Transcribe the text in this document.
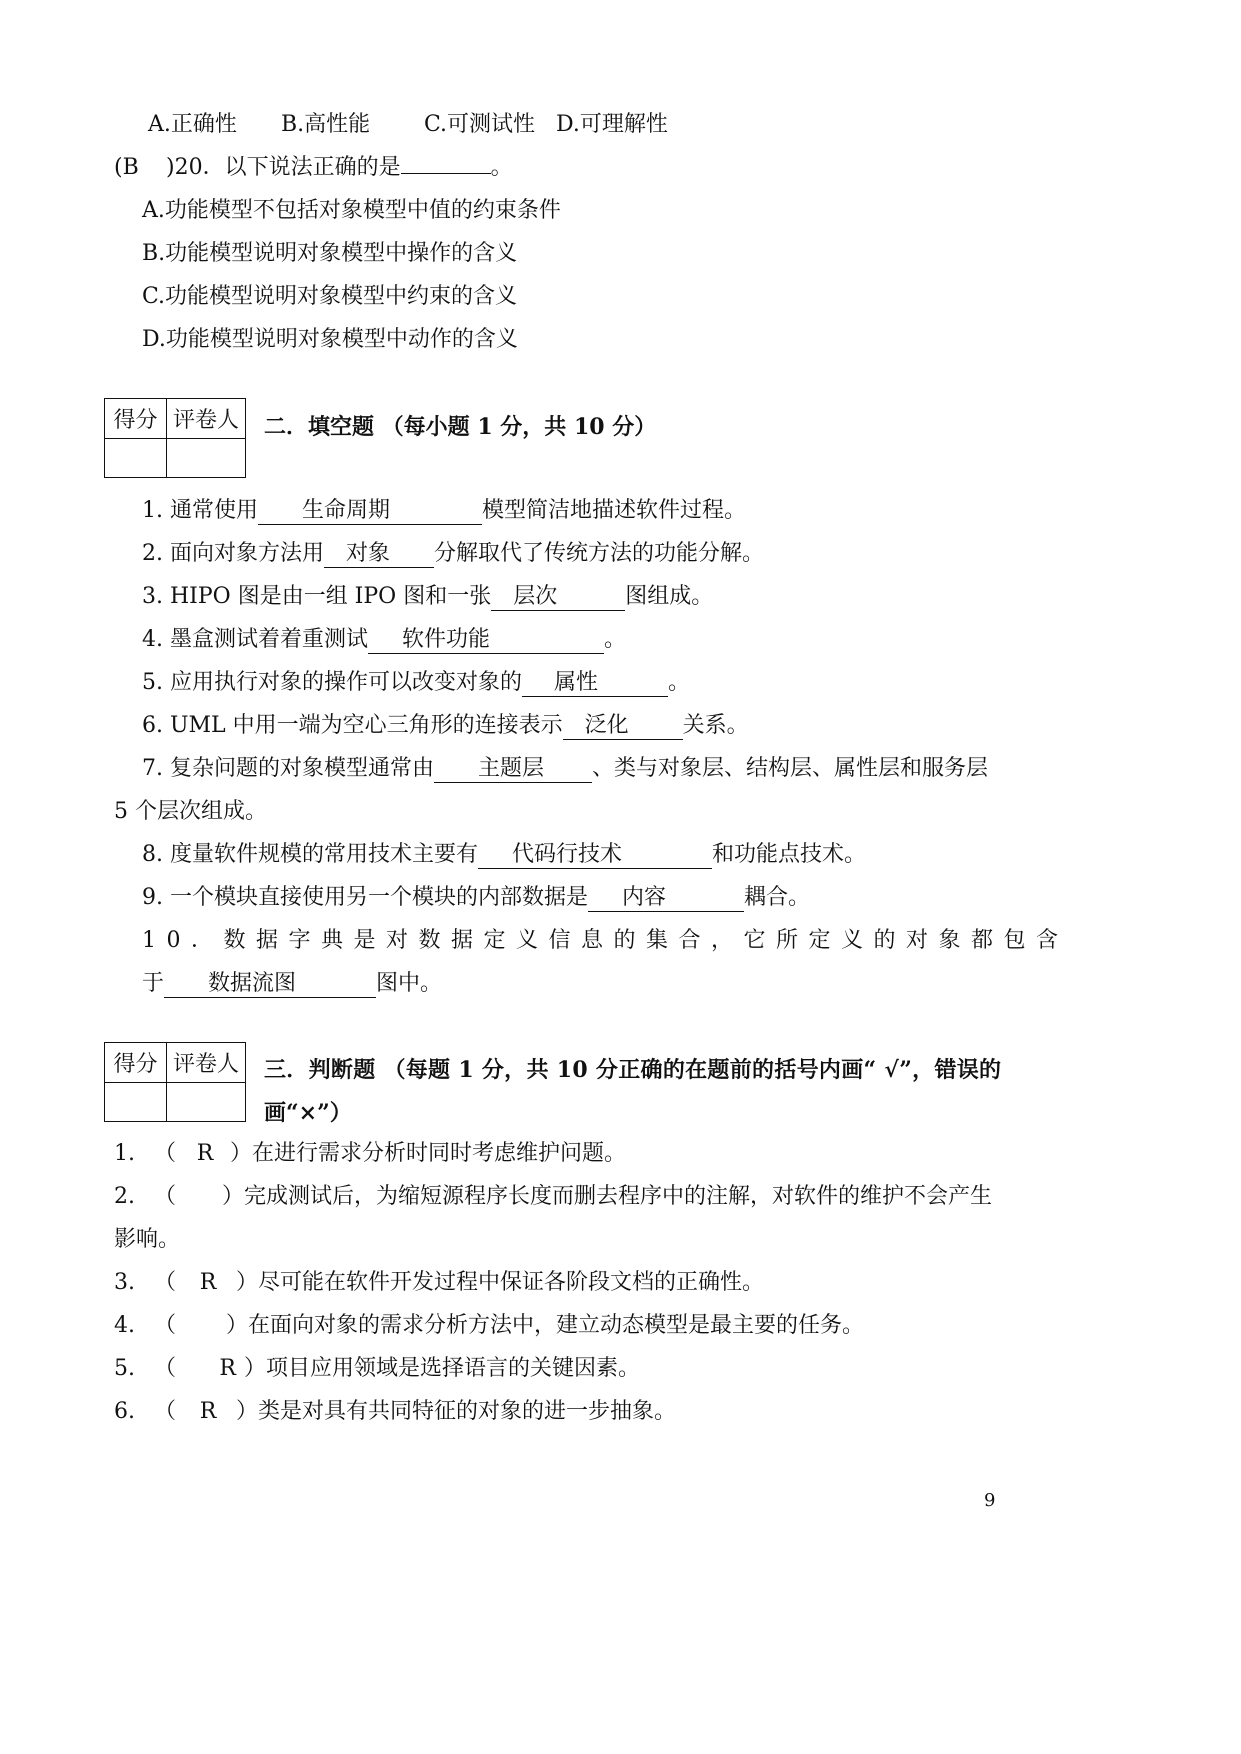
A.正确性 B.高性能 C.可测试性 D.可理解性
(B )20．以下说法正确的是	。
A.功能模型不包括对象模型中值的约束条件
B.功能模型说明对象模型中操作的含义
C.功能模型说明对象模型中约束的含义
D.功能模型说明对象模型中动作的含义
得分	评卷人
	二．填空题 （每小题 1 分，共 10 分）
1. 通常使用 生命周期	模型简洁地描述软件过程。
2. 面向对象方法用 对象 分解取代了传统方法的功能分解。
3. HIPO 图是由一组 IPO 图和一张 层次	图组成。
4. 墨盒测试着着重测试 软件功能	。
5. 应用执行对象的操作可以改变对象的 属性	。
6. UML 中用一端为空心三角形的连接表示 泛化 关系。
7. 复杂问题的对象模型通常由 主题层 、类与对象层、结构层、属性层和服务层
5 个层次组成。
8. 度量软件规模的常用技术主要有 代码行技术	和功能点技术。
9. 一个模块直接使用另一个模块的内部数据是 内容	耦合。
10．数据字典是对数据定义信息的集合，它所定义的对象都包含
于 数据流图	图中。
得分	评卷人
	三．判断题 （每题 1 分，共 10 分正确的在题前的括号内画“ √”，错误的
画“×”）
1. （ R ）在进行需求分析时同时考虑维护问题。
2. （ ）完成测试后，为缩短源程序长度而删去程序中的注解，对软件的维护不会产生
影响。
3. （ R ）尽可能在软件开发过程中保证各阶段文档的正确性。
4. （ ）在面向对象的需求分析方法中，建立动态模型是最主要的任务。
5. （ R ）项目应用领域是选择语言的关键因素。
6. （ R ）类是对具有共同特征的对象的进一步抽象。
9
